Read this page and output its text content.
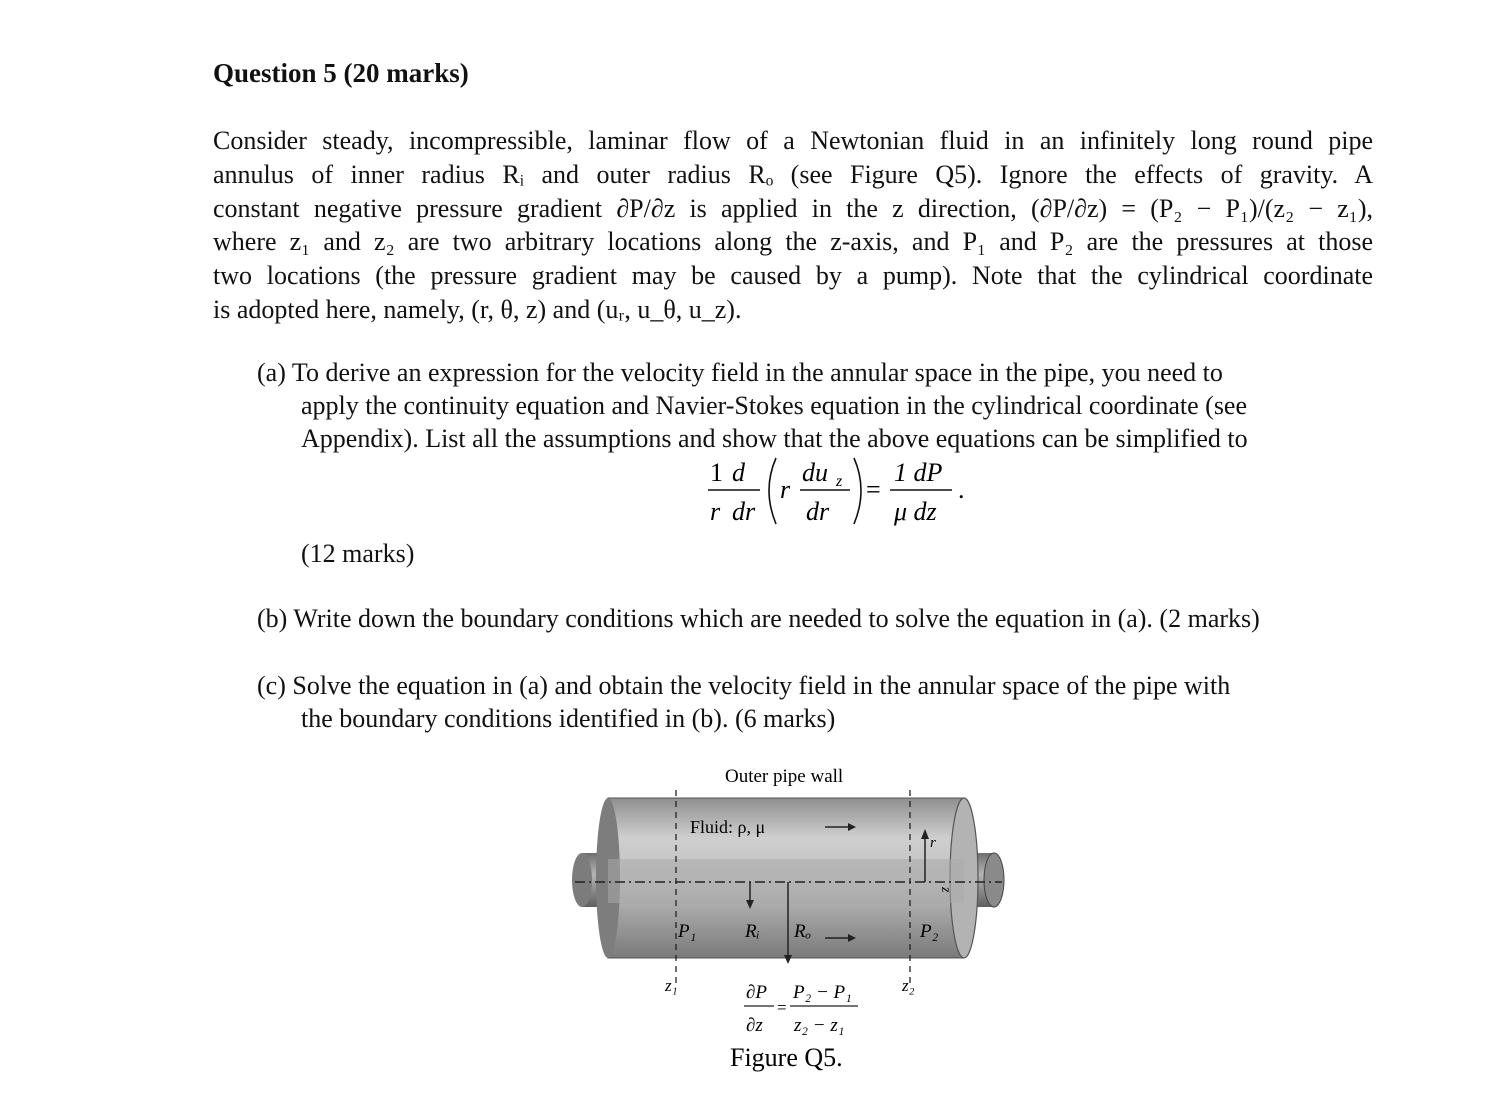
Question 5 (20 marks)
Consider steady, incompressible, laminar flow of a Newtonian fluid in an infinitely long round pipe
annulus of inner radius Rᵢ and outer radius Rₒ (see Figure Q5). Ignore the effects of gravity. A
constant negative pressure gradient ∂P/∂z is applied in the z direction, (∂P/∂z) = (P₂ − P₁)/(z₂ − z₁),
where z₁ and z₂ are two arbitrary locations along the z-axis, and P₁ and P₂ are the pressures at those
two locations (the pressure gradient may be caused by a pump). Note that the cylindrical coordinate
is adopted here, namely, (r, θ, z) and (uᵣ, u_θ, u_z).
(a) To derive an expression for the velocity field in the annular space in the pipe, you need to
apply the continuity equation and Navier-Stokes equation in the cylindrical coordinate (see
Appendix). List all the assumptions and show that the above equations can be simplified to
1 d
r dr
r
du z
dr
=
1 dP
μ dz
.
(12 marks)
(b) Write down the boundary conditions which are needed to solve the equation in (a). (2 marks)
(c) Solve the equation in (a) and obtain the velocity field in the annular space of the pipe with
the boundary conditions identified in (b). (6 marks)
Outer pipe wall
Fluid: ρ, μ
r
z
P₁	Rᵢ Rₒ	P₂
z₁	z₂
∂P
∂z
=
P₂ − P₁
z₂ − z₁
Figure Q5.
